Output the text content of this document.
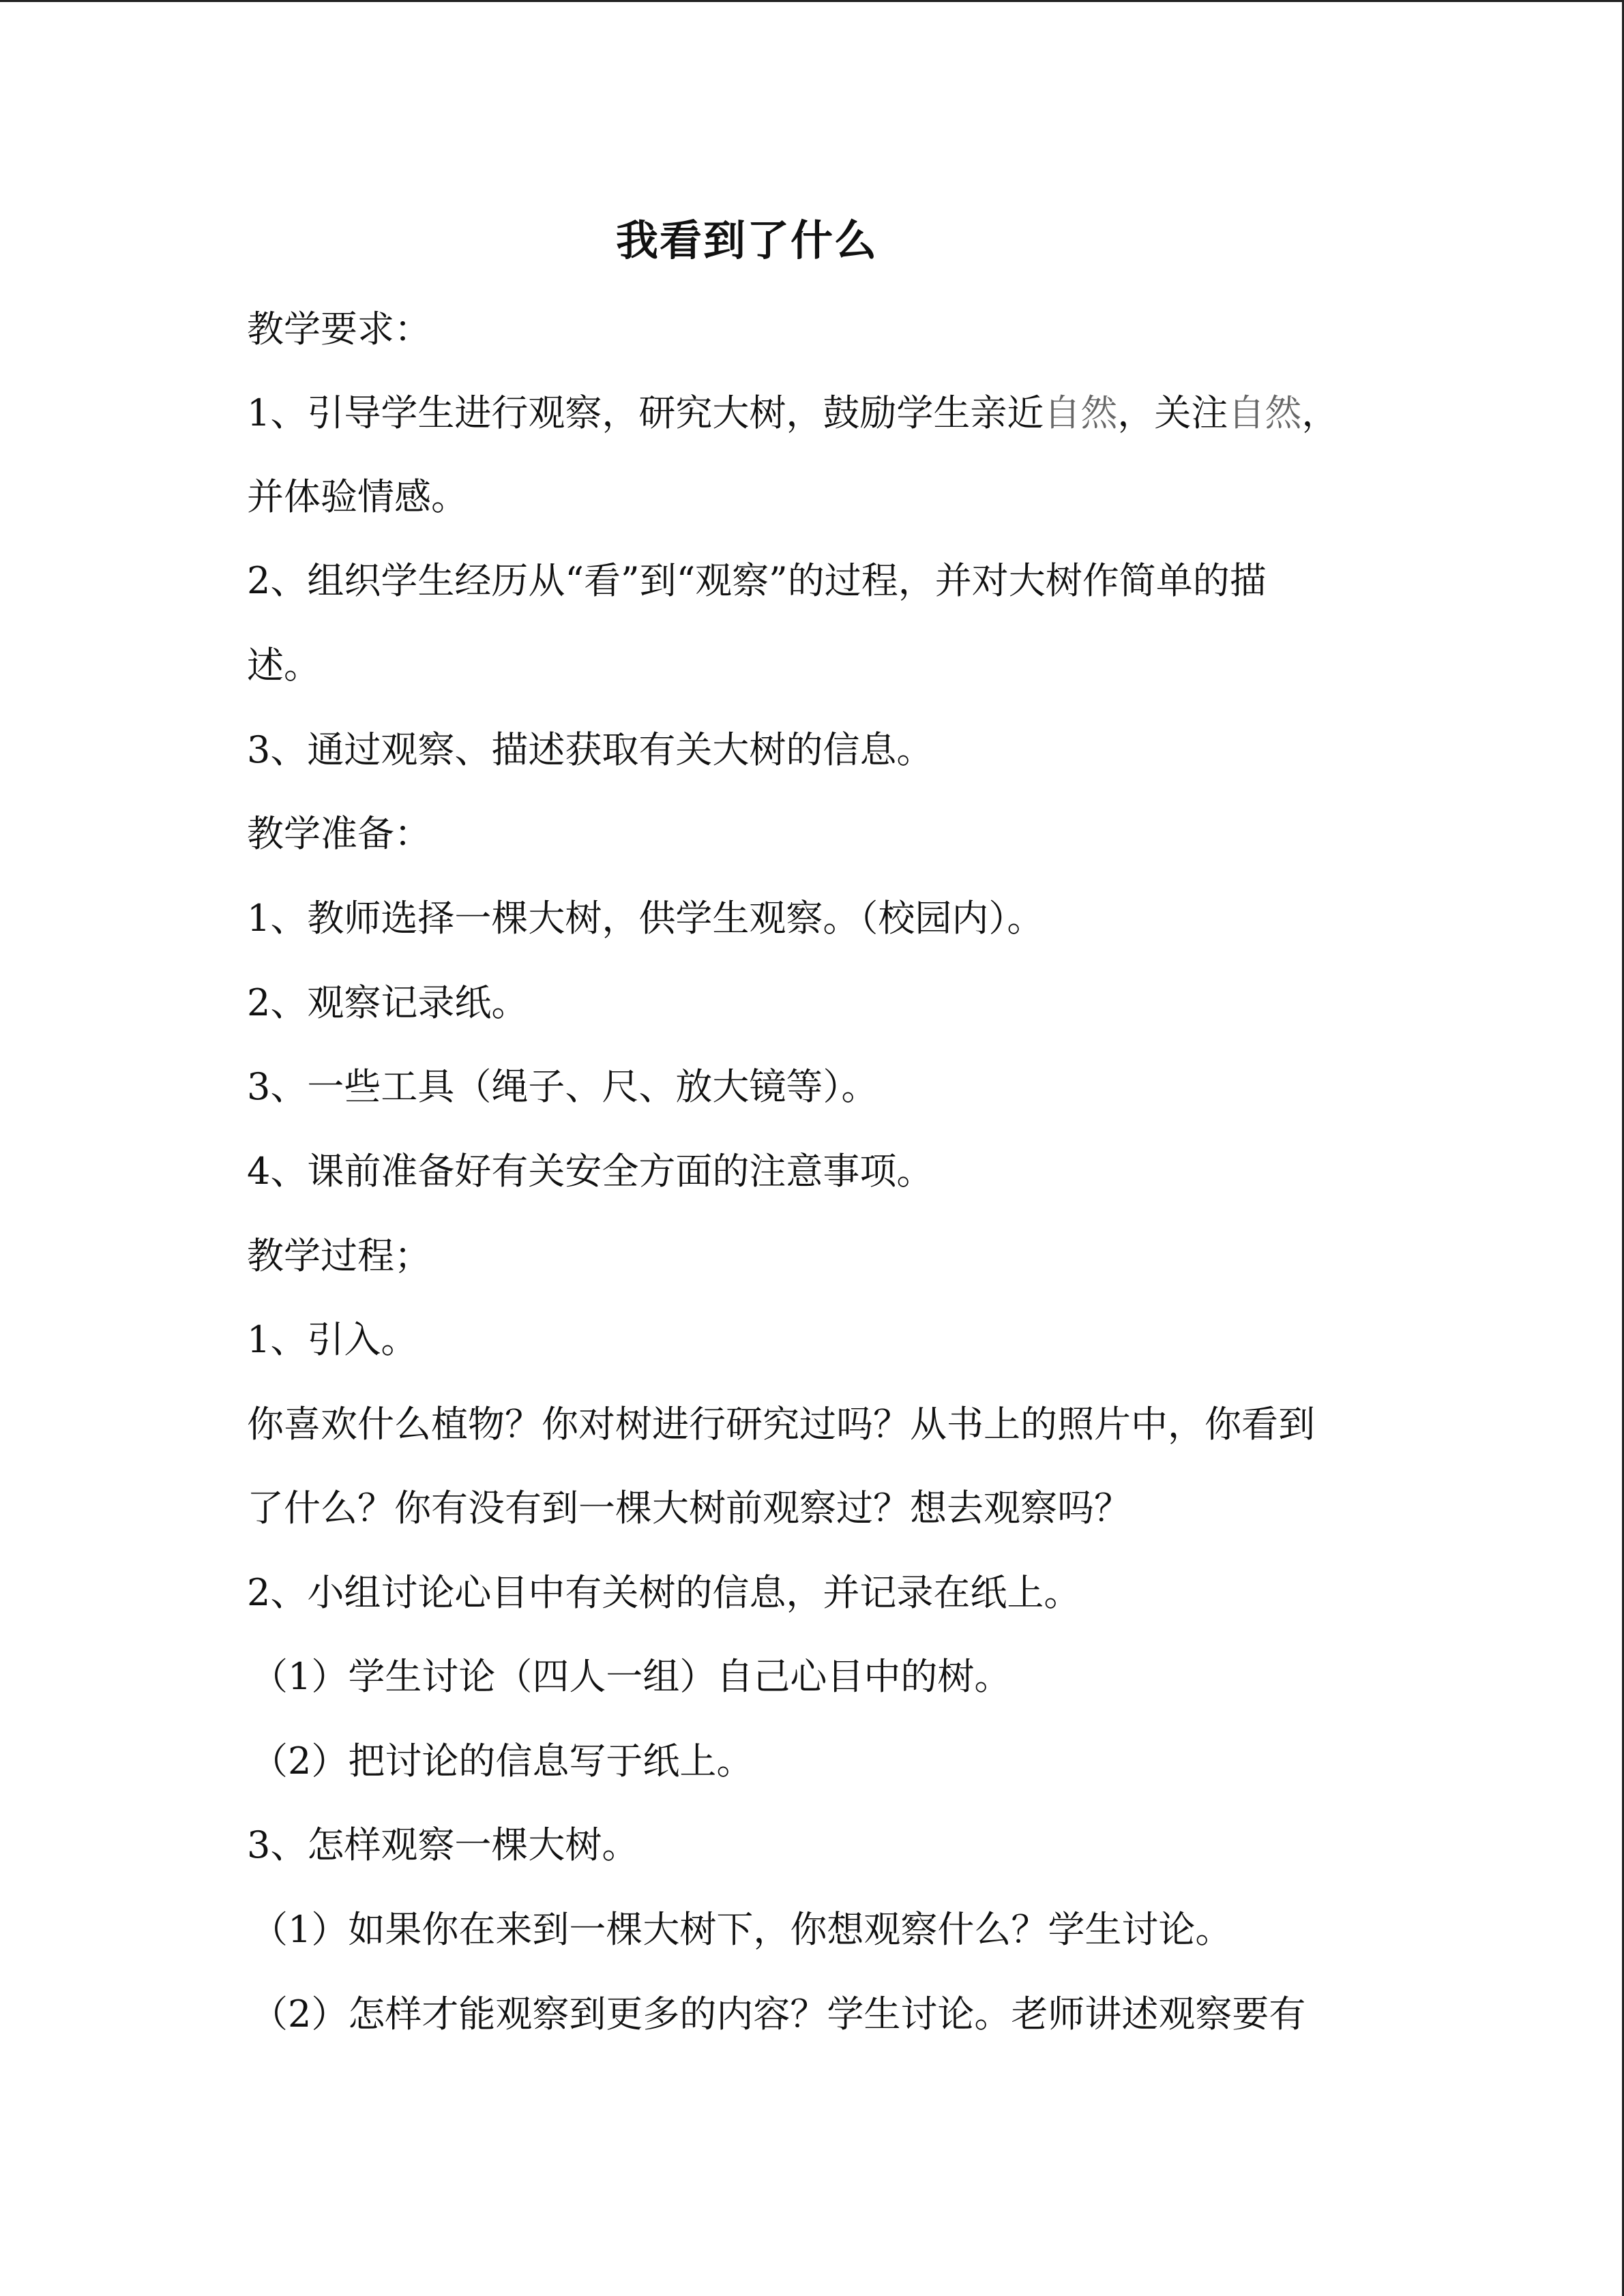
我看到了什么

教学要求：

1、引导学生进行观察，研究大树，鼓励学生亲近自然，关注自然，

并体验情感。

2、组织学生经历从“看”到“观察”的过程，并对大树作简单的描

述。

3、通过观察、描述获取有关大树的信息。

教学准备：

1、教师选择一棵大树，供学生观察。（校园内）。

2、观察记录纸。

3、一些工具（绳子、尺、放大镜等）。

4、课前准备好有关安全方面的注意事项。

教学过程；

1、引入。

你喜欢什么植物？你对树进行研究过吗？从书上的照片中，你看到

了什么？你有没有到一棵大树前观察过？想去观察吗？

2、小组讨论心目中有关树的信息，并记录在纸上。

（1）学生讨论（四人一组）自己心目中的树。

（2）把讨论的信息写于纸上。

3、怎样观察一棵大树。

（1）如果你在来到一棵大树下，你想观察什么？学生讨论。

（2）怎样才能观察到更多的内容？学生讨论。老师讲述观察要有
